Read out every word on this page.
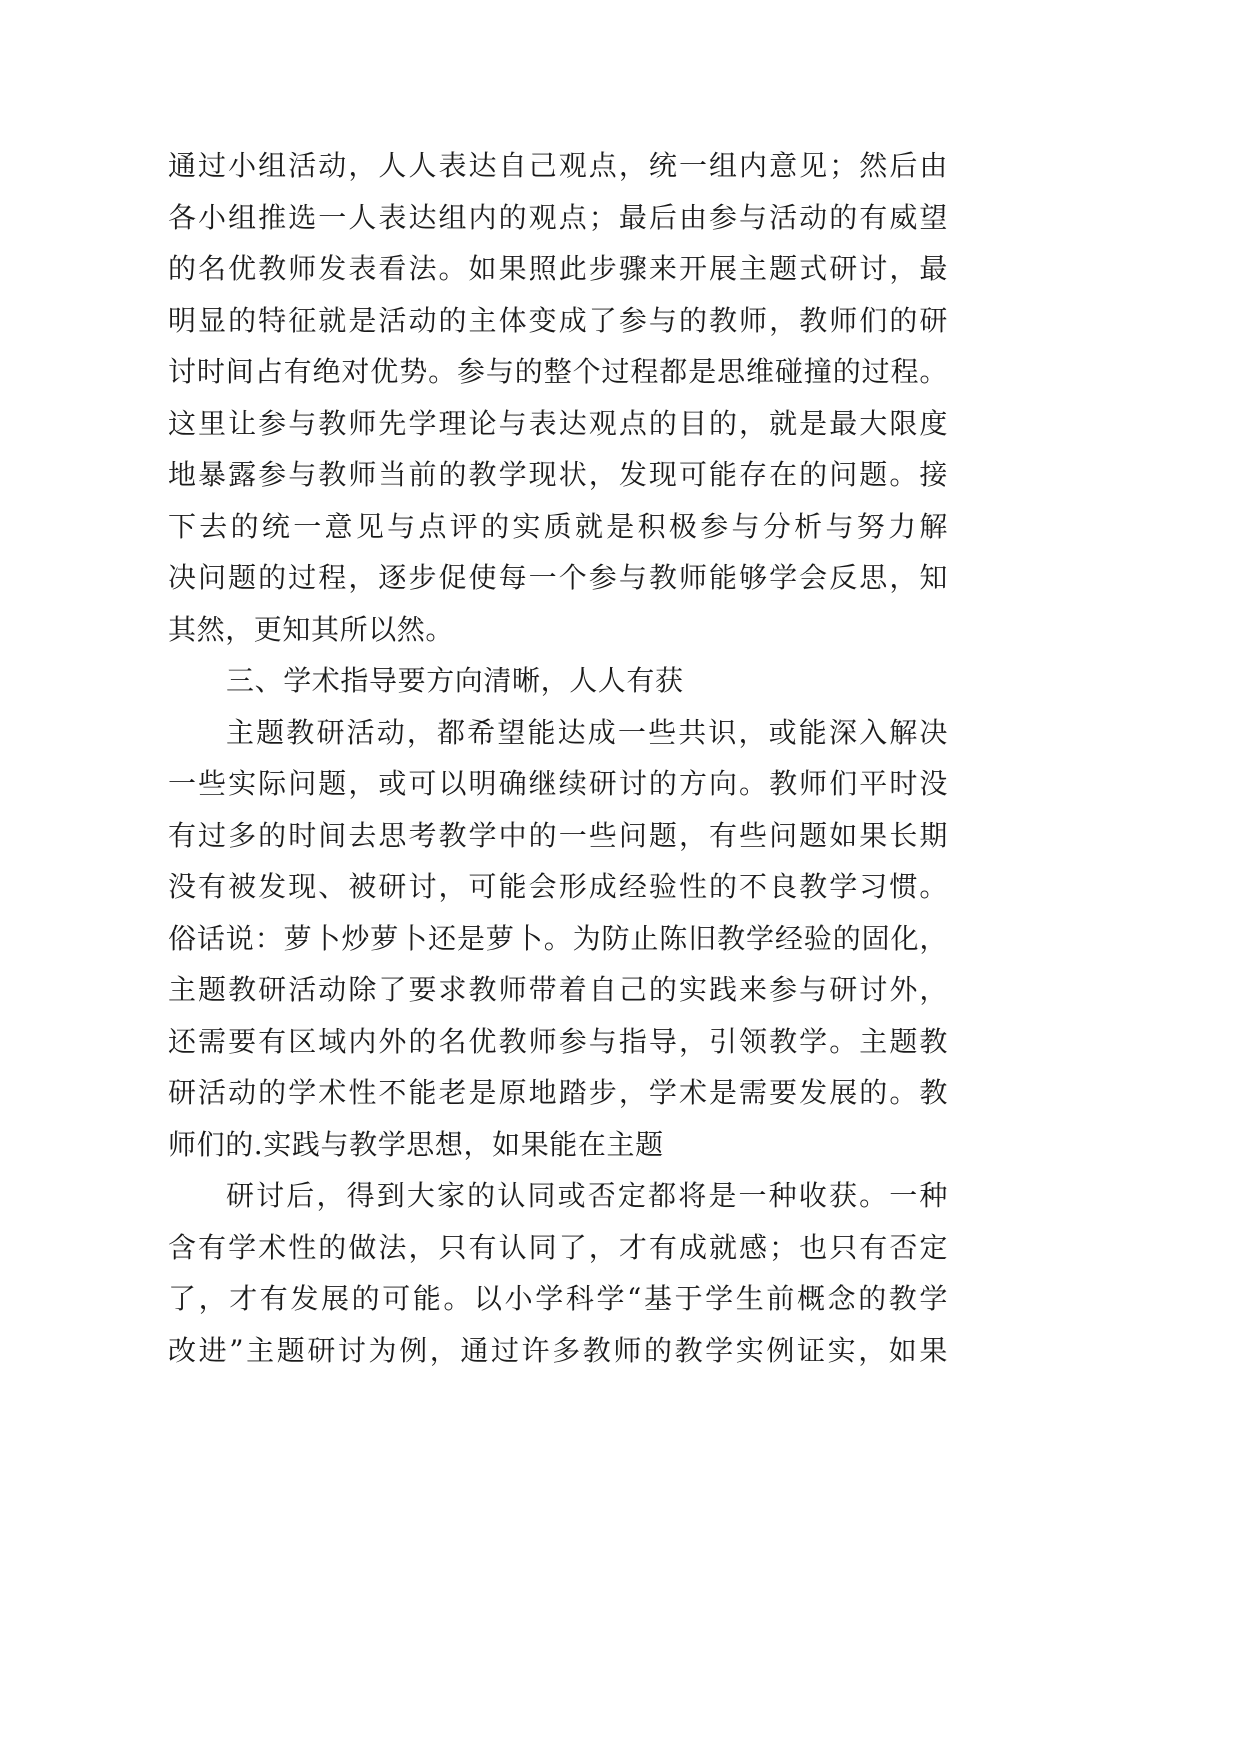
通过小组活动，人人表达自己观点，统一组内意见；然后由
各小组推选一人表达组内的观点；最后由参与活动的有威望
的名优教师发表看法。如果照此步骤来开展主题式研讨，最
明显的特征就是活动的主体变成了参与的教师，教师们的研
讨时间占有绝对优势。参与的整个过程都是思维碰撞的过程。
这里让参与教师先学理论与表达观点的目的，就是最大限度
地暴露参与教师当前的教学现状，发现可能存在的问题。接
下去的统一意见与点评的实质就是积极参与分析与努力解
决问题的过程，逐步促使每一个参与教师能够学会反思，知
其然，更知其所以然。
三、学术指导要方向清晰，人人有获
主题教研活动，都希望能达成一些共识，或能深入解决
一些实际问题，或可以明确继续研讨的方向。教师们平时没
有过多的时间去思考教学中的一些问题，有些问题如果长期
没有被发现、被研讨，可能会形成经验性的不良教学习惯。
俗话说：萝卜炒萝卜还是萝卜。为防止陈旧教学经验的固化，
主题教研活动除了要求教师带着自己的实践来参与研讨外，
还需要有区域内外的名优教师参与指导，引领教学。主题教
研活动的学术性不能老是原地踏步，学术是需要发展的。教
师们的.实践与教学思想，如果能在主题
研讨后，得到大家的认同或否定都将是一种收获。一种
含有学术性的做法，只有认同了，才有成就感；也只有否定
了，才有发展的可能。以小学科学“基于学生前概念的教学
改进”主题研讨为例，通过许多教师的教学实例证实，如果
